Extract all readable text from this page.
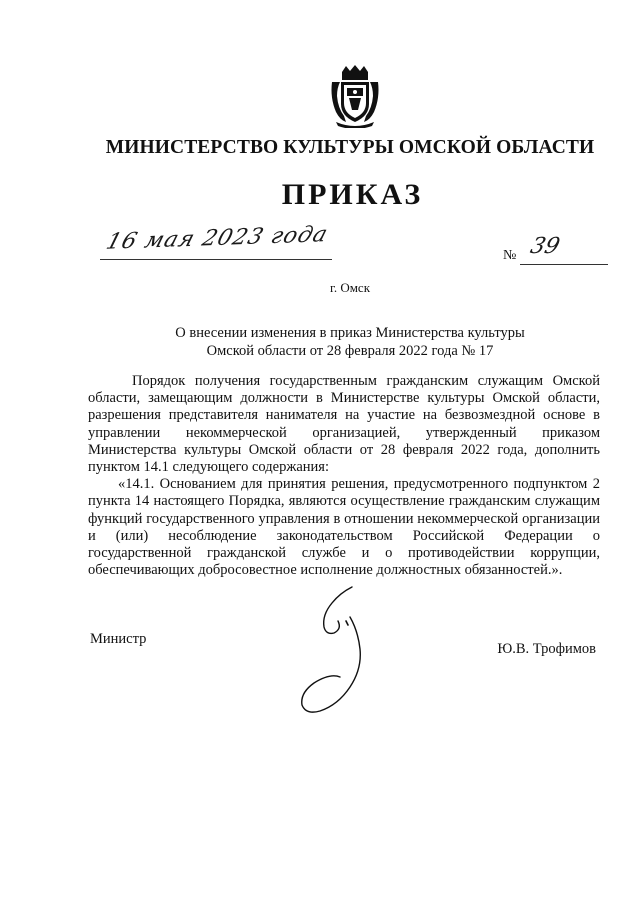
МИНИСТЕРСТВО КУЛЬТУРЫ ОМСКОЙ ОБЛАСТИ
ПРИКАЗ
16 мая 2023 года
№ 39
г. Омск
О внесении изменения в приказ Министерства культуры
Омской области от 28 февраля 2022 года № 17

Порядок получения государственным гражданским служащим Омской области, замещающим должности в Министерстве культуры Омской области, разрешения представителя нанимателя на участие на безвозмездной основе в управлении некоммерческой организацией, утвержденный приказом Министерства культуры Омской области от 28 февраля 2022 года, дополнить пунктом 14.1 следующего содержания:

«14.1. Основанием для принятия решения, предусмотренного подпунктом 2 пункта 14 настоящего Порядка, являются осуществление гражданским служащим функций государственного управления в отношении некоммерческой организации и (или) несоблюдение законодательством Российской Федерации о государственной гражданской службе и о противодействии коррупции, обеспечивающих добросовестное исполнение должностных обязанностей.».

Министр
Ю.В. Трофимов
